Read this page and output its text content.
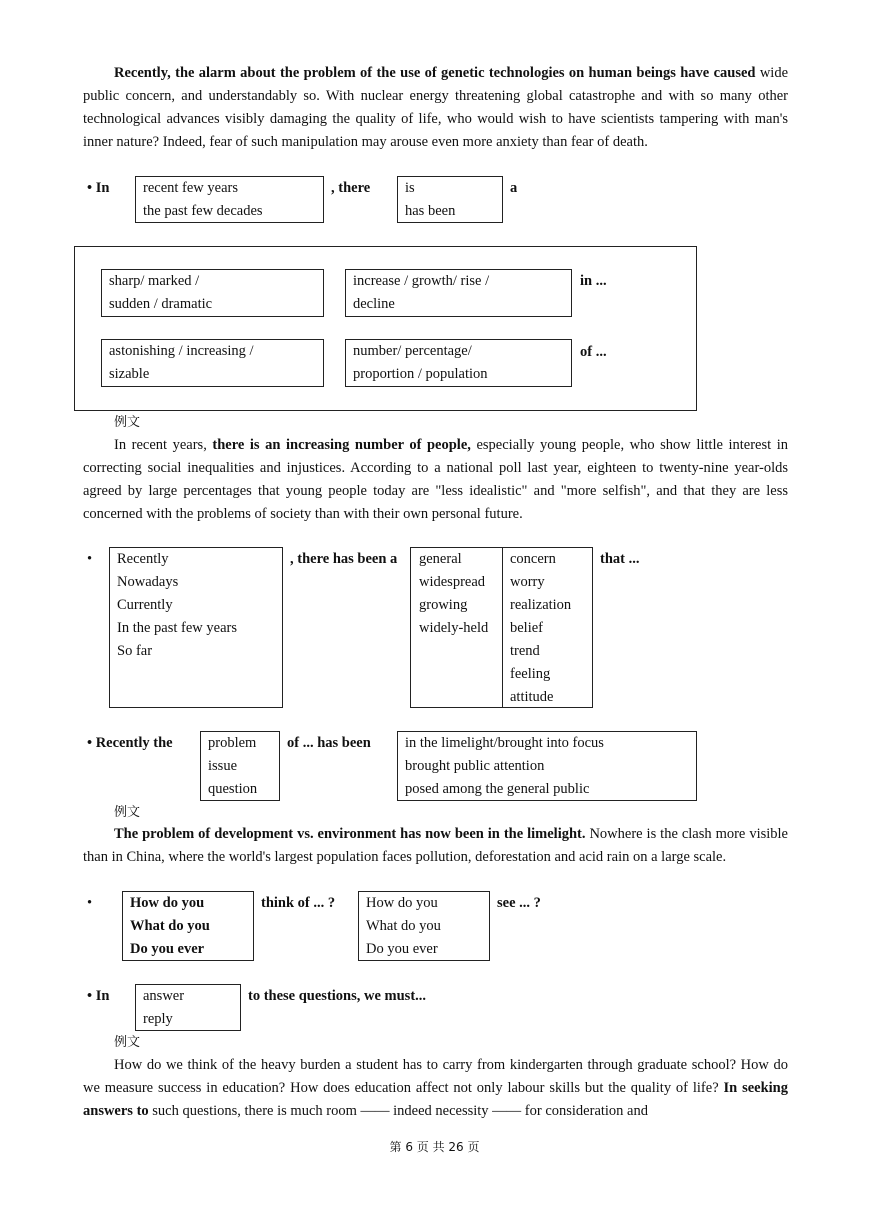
Recently, the alarm about the problem of the use of genetic technologies on human beings have caused wide public concern, and understandably so. With nuclear energy threatening global catastrophe and with so many other technological advances visibly damaging the quality of life, who would wish to have scientists tampering with man's inner nature? Indeed, fear of such manipulation may arouse even more anxiety than fear of death.
• In recent few years
the past few decades
, there is
has been
a
sharp/ marked /
sudden / dramatic
increase / growth/ rise /
decline
in ...
astonishing / increasing /
sizable
number/ percentage/
proportion / population
of ...
例文
In recent years, there is an increasing number of people, especially young people, who show little interest in correcting social inequalities and injustices. According to a national poll last year, eighteen to twenty-nine year-olds agreed by large percentages that young people today are "less idealistic" and "more selfish", and that they are less concerned with the problems of society than with their own personal future.
• Recently
Nowadays
Currently
In the past few years
So far
, there has been a	general
widespread
growing
widely-held
concern
worry
realization
belief
trend
feeling
attitude
that ...
• Recently the problem
issue
question
of ... has been in the limelight/brought into focus
brought public attention
posed among the general public
例文
The problem of development vs. environment has now been in the limelight. Nowhere is the clash more visible than in China, where the world's largest population faces pollution, deforestation and acid rain on a large scale.
•	How do you
What do you
Do you ever
think of ... ? How do you
What do you
Do you ever
see ... ?
• In answer
reply
to these questions, we must...
例文
How do we think of the heavy burden a student has to carry from kindergarten through graduate school? How do we measure success in education? How does education affect not only labour skills but the quality of life? In seeking answers to such questions, there is much room —— indeed necessity —— for consideration and
第 6 页 共 26 页
